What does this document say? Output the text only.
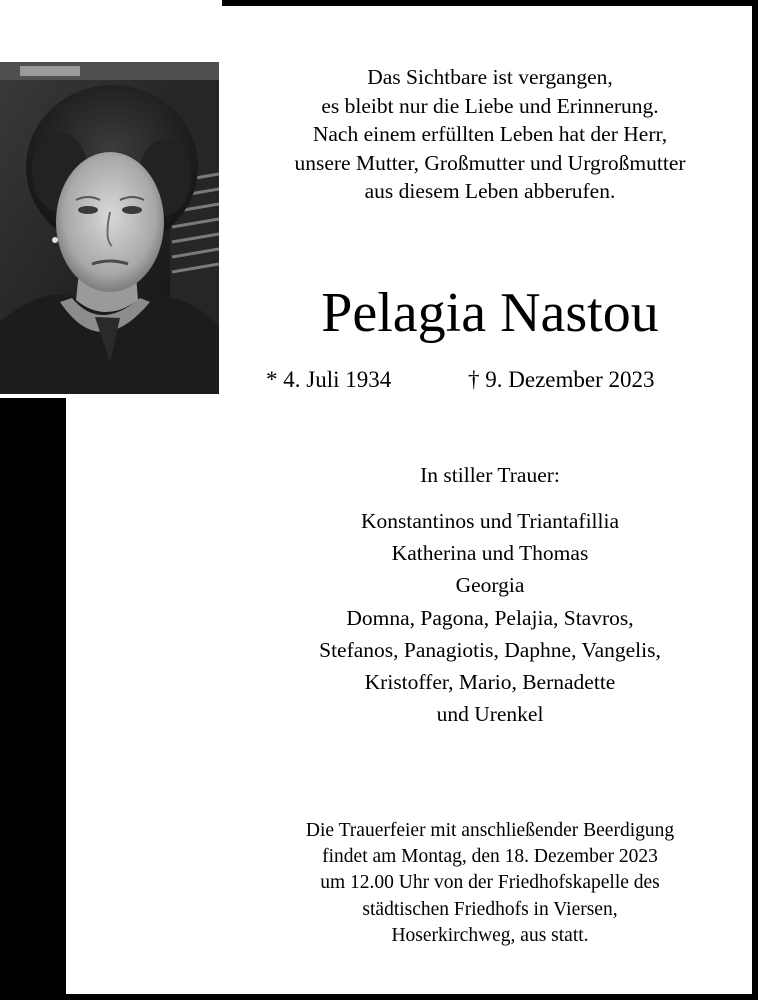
Das Sichtbare ist vergangen,
es bleibt nur die Liebe und Erinnerung.
Nach einem erfüllten Leben hat der Herr,
unsere Mutter, Großmutter und Urgroßmutter
aus diesem Leben abberufen.
Pelagia Nastou
* 4. Juli 1934	† 9. Dezember 2023
In stiller Trauer:
Konstantinos und Triantafillia
Katherina und Thomas
Georgia
Domna, Pagona, Pelajia, Stavros,
Stefanos, Panagiotis, Daphne, Vangelis,
Kristoffer, Mario, Bernadette
und Urenkel
Die Trauerfeier mit anschließender Beerdigung
findet am Montag, den 18. Dezember 2023
um 12.00 Uhr von der Friedhofskapelle des
städtischen Friedhofs in Viersen,
Hoserkirchweg, aus statt.
